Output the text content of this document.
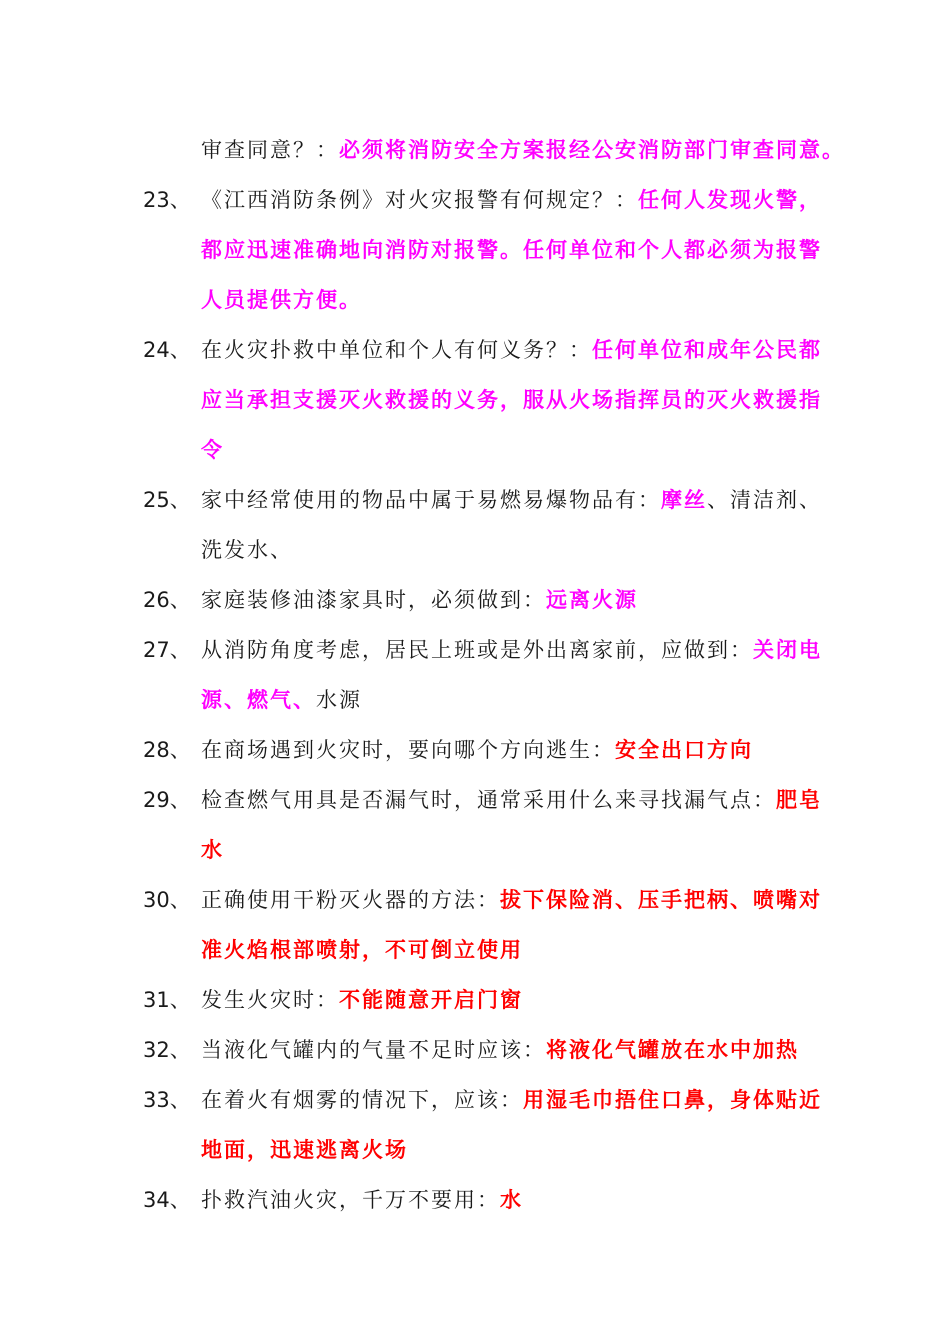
审查同意？：必须将消防安全方案报经公安消防部门审查同意。
23、 《江西消防条例》对火灾报警有何规定？：任何人发现火警，
都应迅速准确地向消防对报警。任何单位和个人都必须为报警
人员提供方便。
24、 在火灾扑救中单位和个人有何义务？：任何单位和成年公民都
应当承担支援灭火救援的义务，服从火场指挥员的灭火救援指
令
25、 家中经常使用的物品中属于易燃易爆物品有：摩丝、清洁剂、
洗发水、
26、 家庭装修油漆家具时，必须做到：远离火源
27、 从消防角度考虑，居民上班或是外出离家前，应做到：关闭电
源、燃气、水源
28、 在商场遇到火灾时，要向哪个方向逃生：安全出口方向
29、 检查燃气用具是否漏气时，通常采用什么来寻找漏气点：肥皂
水
30、 正确使用干粉灭火器的方法：拔下保险消、压手把柄、喷嘴对
准火焰根部喷射，不可倒立使用
31、 发生火灾时：不能随意开启门窗
32、 当液化气罐内的气量不足时应该：将液化气罐放在水中加热
33、 在着火有烟雾的情况下，应该：用湿毛巾捂住口鼻，身体贴近
地面，迅速逃离火场
34、 扑救汽油火灾，千万不要用：水
